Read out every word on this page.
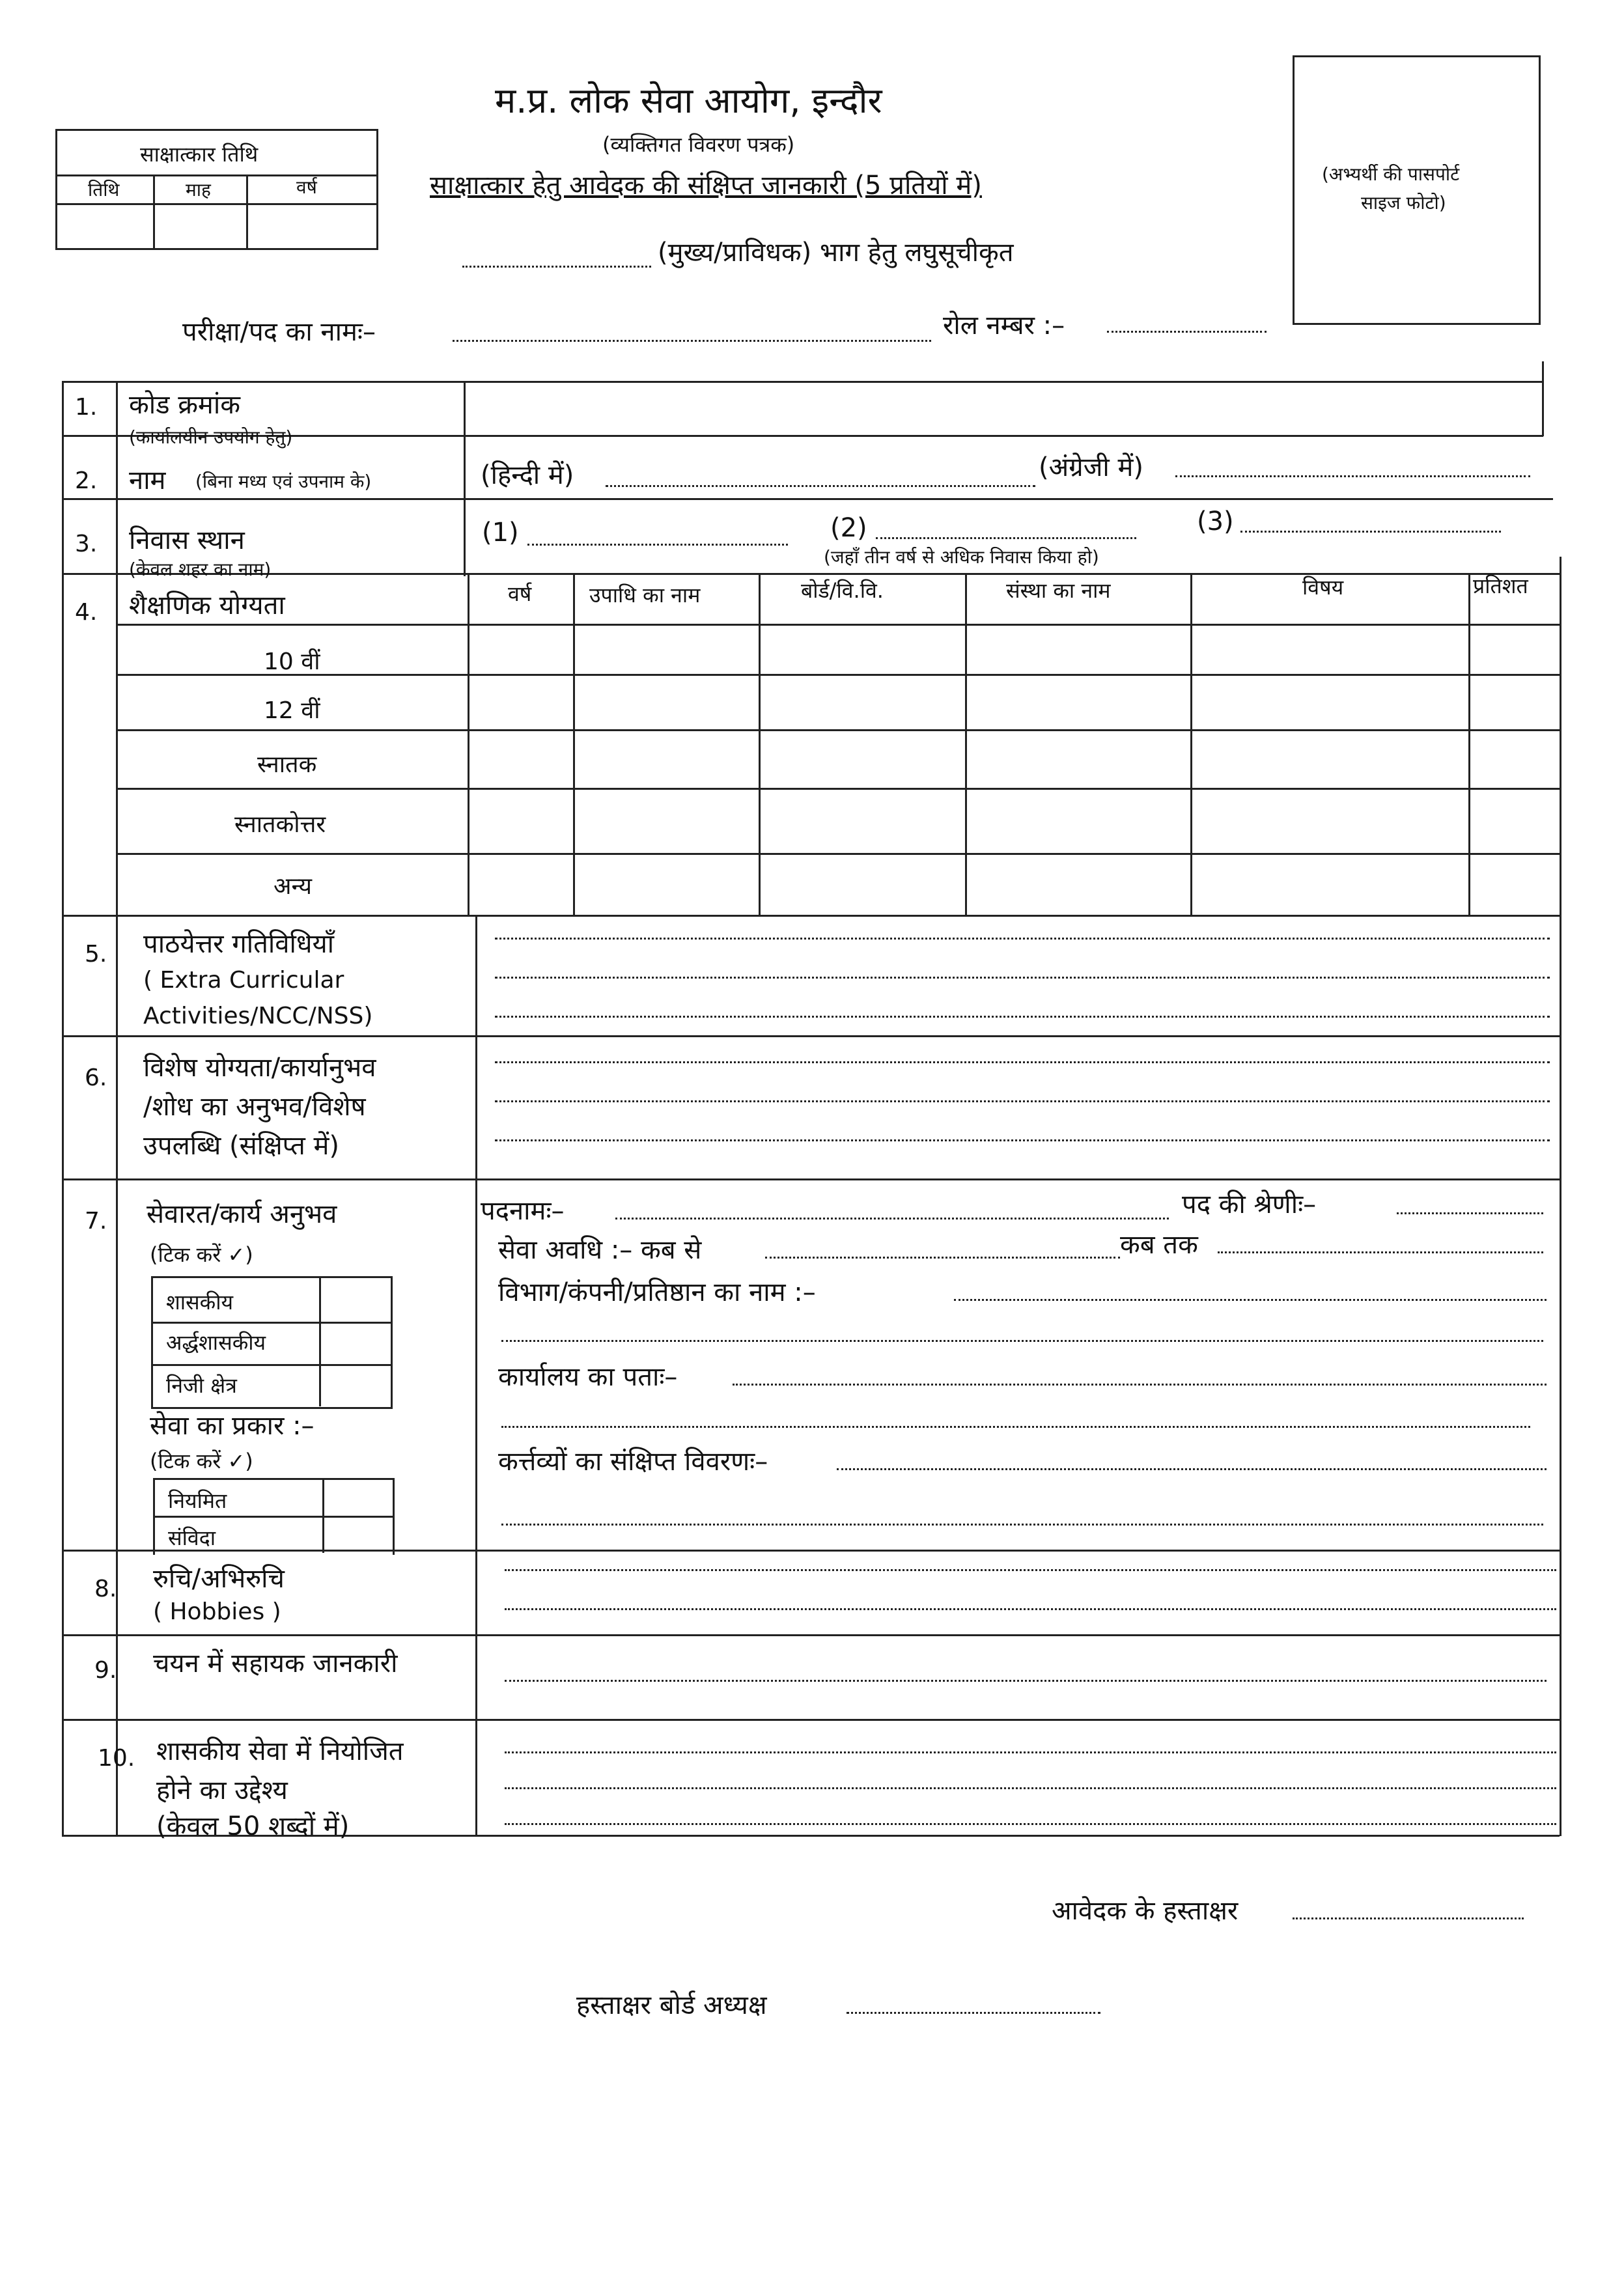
म.प्र. लोक सेवा आयोग, इन्दौर
(व्यक्तिगत विवरण पत्रक)
साक्षात्कार हेतु आवेदक की संक्षिप्त जानकारी (5 प्रतियों में)
(मुख्य/प्राविधक) भाग हेतु लघुसूचीकृत
परीक्षा/पद का नामः–	रोल नम्बर :–
साक्षात्कार तिथि
तिथि	माह	वर्ष
(अभ्यर्थी की पासपोर्ट
साइज फोटो)
1. कोड क्रमांक
(कार्यालयीन उपयोग हेतु)
2. नाम (बिना मध्य एवं उपनाम के)	(हिन्दी में)	(अंग्रेजी में)
3. निवास स्थान
(केवल शहर का नाम)
(1)	(2)	(3)
(जहाँ तीन वर्ष से अधिक निवास किया हो)
4. शैक्षणिक योग्यता	वर्ष	उपाधि का नाम	बोर्ड/वि.वि.	संस्था का नाम	विषय	प्रतिशत
10 वीं
12 वीं
स्नातक
स्नातकोत्तर
अन्य
5. पाठयेत्तर गतिविधियाँ
( Extra Curricular
Activities/NCC/NSS)
6. विशेष योग्यता/कार्यानुभव
/शोध का अनुभव/विशेष
उपलब्धि (संक्षिप्त में)
7. सेवारत/कार्य अनुभव
(टिक करें ✓)
शासकीय
अर्द्धशासकीय
निजी क्षेत्र
सेवा का प्रकार :–
(टिक करें ✓)
नियमित
संविदा
पदनामः–	पद की श्रेणीः–
सेवा अवधि :– कब से	कब तक
विभाग/कंपनी/प्रतिष्ठान का नाम :–
कार्यालय का पताः–
कर्त्तव्यों का संक्षिप्त विवरणः–
8. रुचि/अभिरुचि
( Hobbies )
9. चयन में सहायक जानकारी
10. शासकीय सेवा में नियोजित
होने का उद्देश्य
(केवल 50 शब्दों में)
आवेदक के हस्ताक्षर
हस्ताक्षर बोर्ड अध्यक्ष
